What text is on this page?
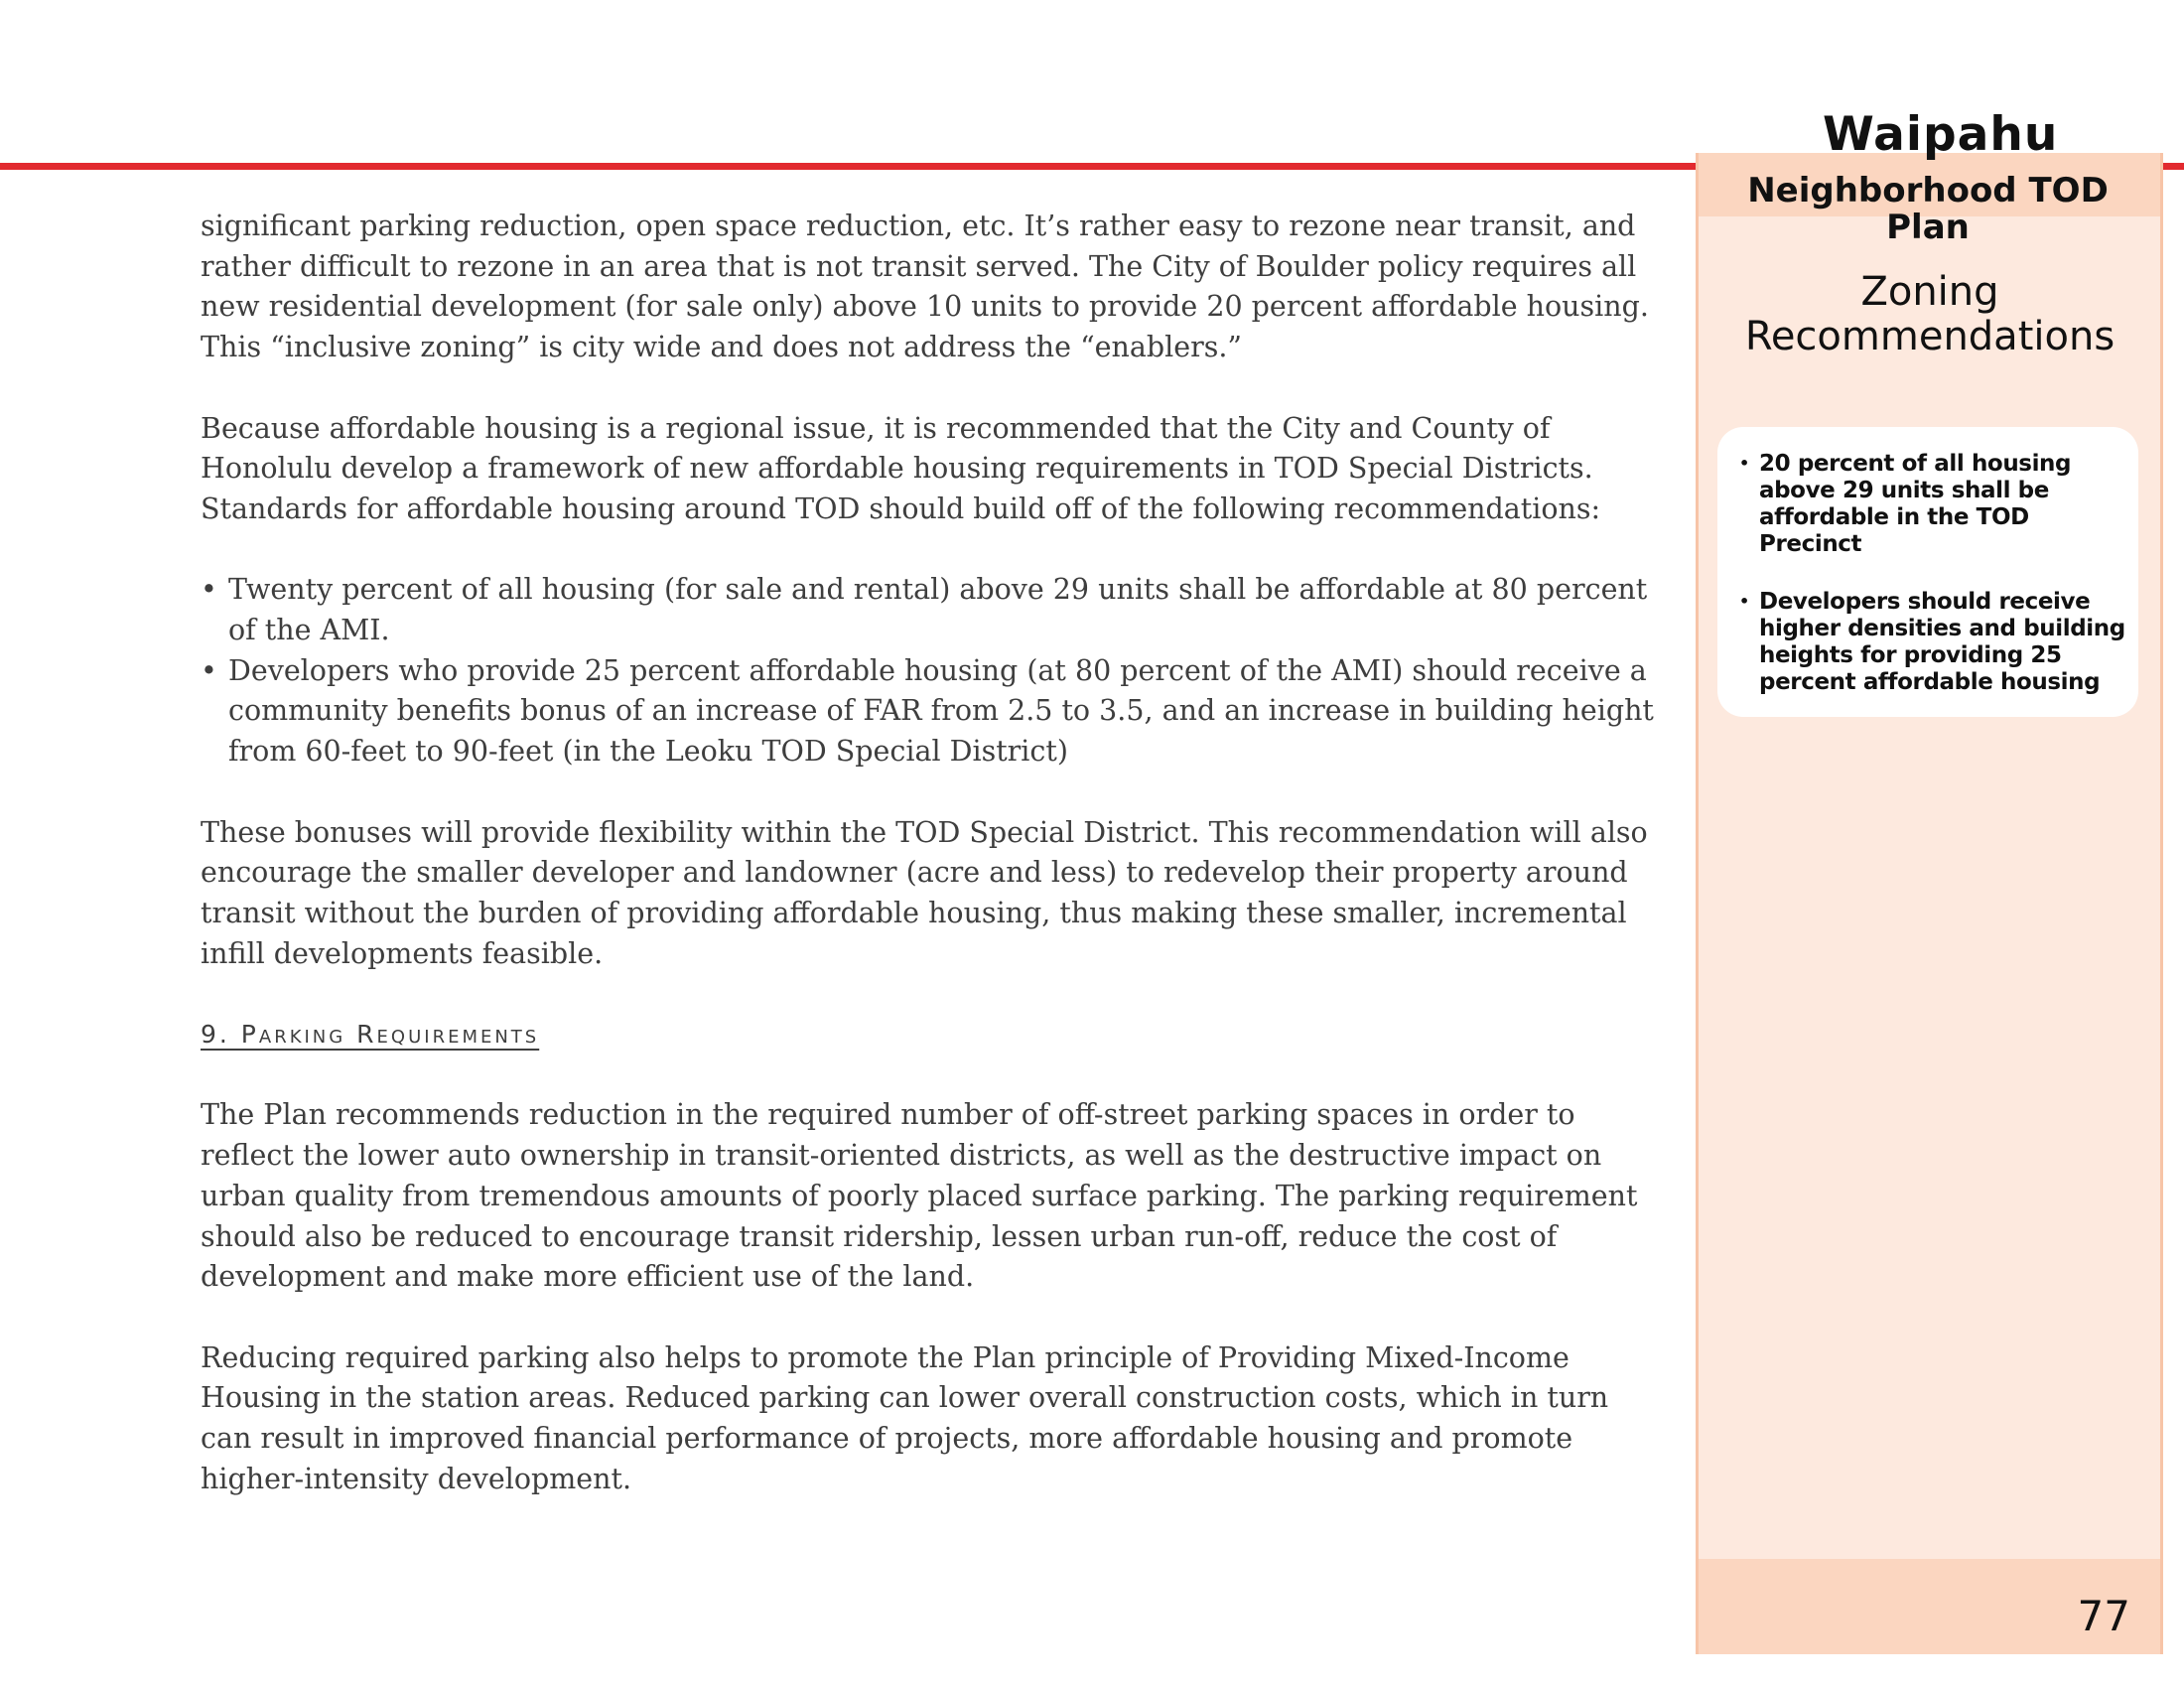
Waipahu
Neighborhood TOD Plan
Zoning Recommendations
• 20 percent of all housing above 29 units shall be affordable in the TOD Precinct
• Developers should receive higher densities and building heights for providing 25 percent affordable housing

significant parking reduction, open space reduction, etc. It’s rather easy to rezone near transit, and rather difficult to rezone in an area that is not transit served. The City of Boulder policy requires all new residential development (for sale only) above 10 units to provide 20 percent affordable housing. This “inclusive zoning” is city wide and does not address the “enablers.”

Because affordable housing is a regional issue, it is recommended that the City and County of Honolulu develop a framework of new affordable housing requirements in TOD Special Districts. Standards for affordable housing around TOD should build off of the following recommendations:

• Twenty percent of all housing (for sale and rental) above 29 units shall be affordable at 80 percent of the AMI.
• Developers who provide 25 percent affordable housing (at 80 percent of the AMI) should receive a community benefits bonus of an increase of FAR from 2.5 to 3.5, and an increase in building height from 60-feet to 90-feet (in the Leoku TOD Special District)

These bonuses will provide flexibility within the TOD Special District. This recommendation will also encourage the smaller developer and landowner (acre and less) to redevelop their property around transit without the burden of providing affordable housing, thus making these smaller, incremental infill developments feasible.

9. Parking Requirements

The Plan recommends reduction in the required number of off-street parking spaces in order to reflect the lower auto ownership in transit-oriented districts, as well as the destructive impact on urban quality from tremendous amounts of poorly placed surface parking. The parking requirement should also be reduced to encourage transit ridership, lessen urban run-off, reduce the cost of development and make more efficient use of the land.

Reducing required parking also helps to promote the Plan principle of Providing Mixed-Income Housing in the station areas. Reduced parking can lower overall construction costs, which in turn can result in improved financial performance of projects, more affordable housing and promote higher-intensity development.

77
